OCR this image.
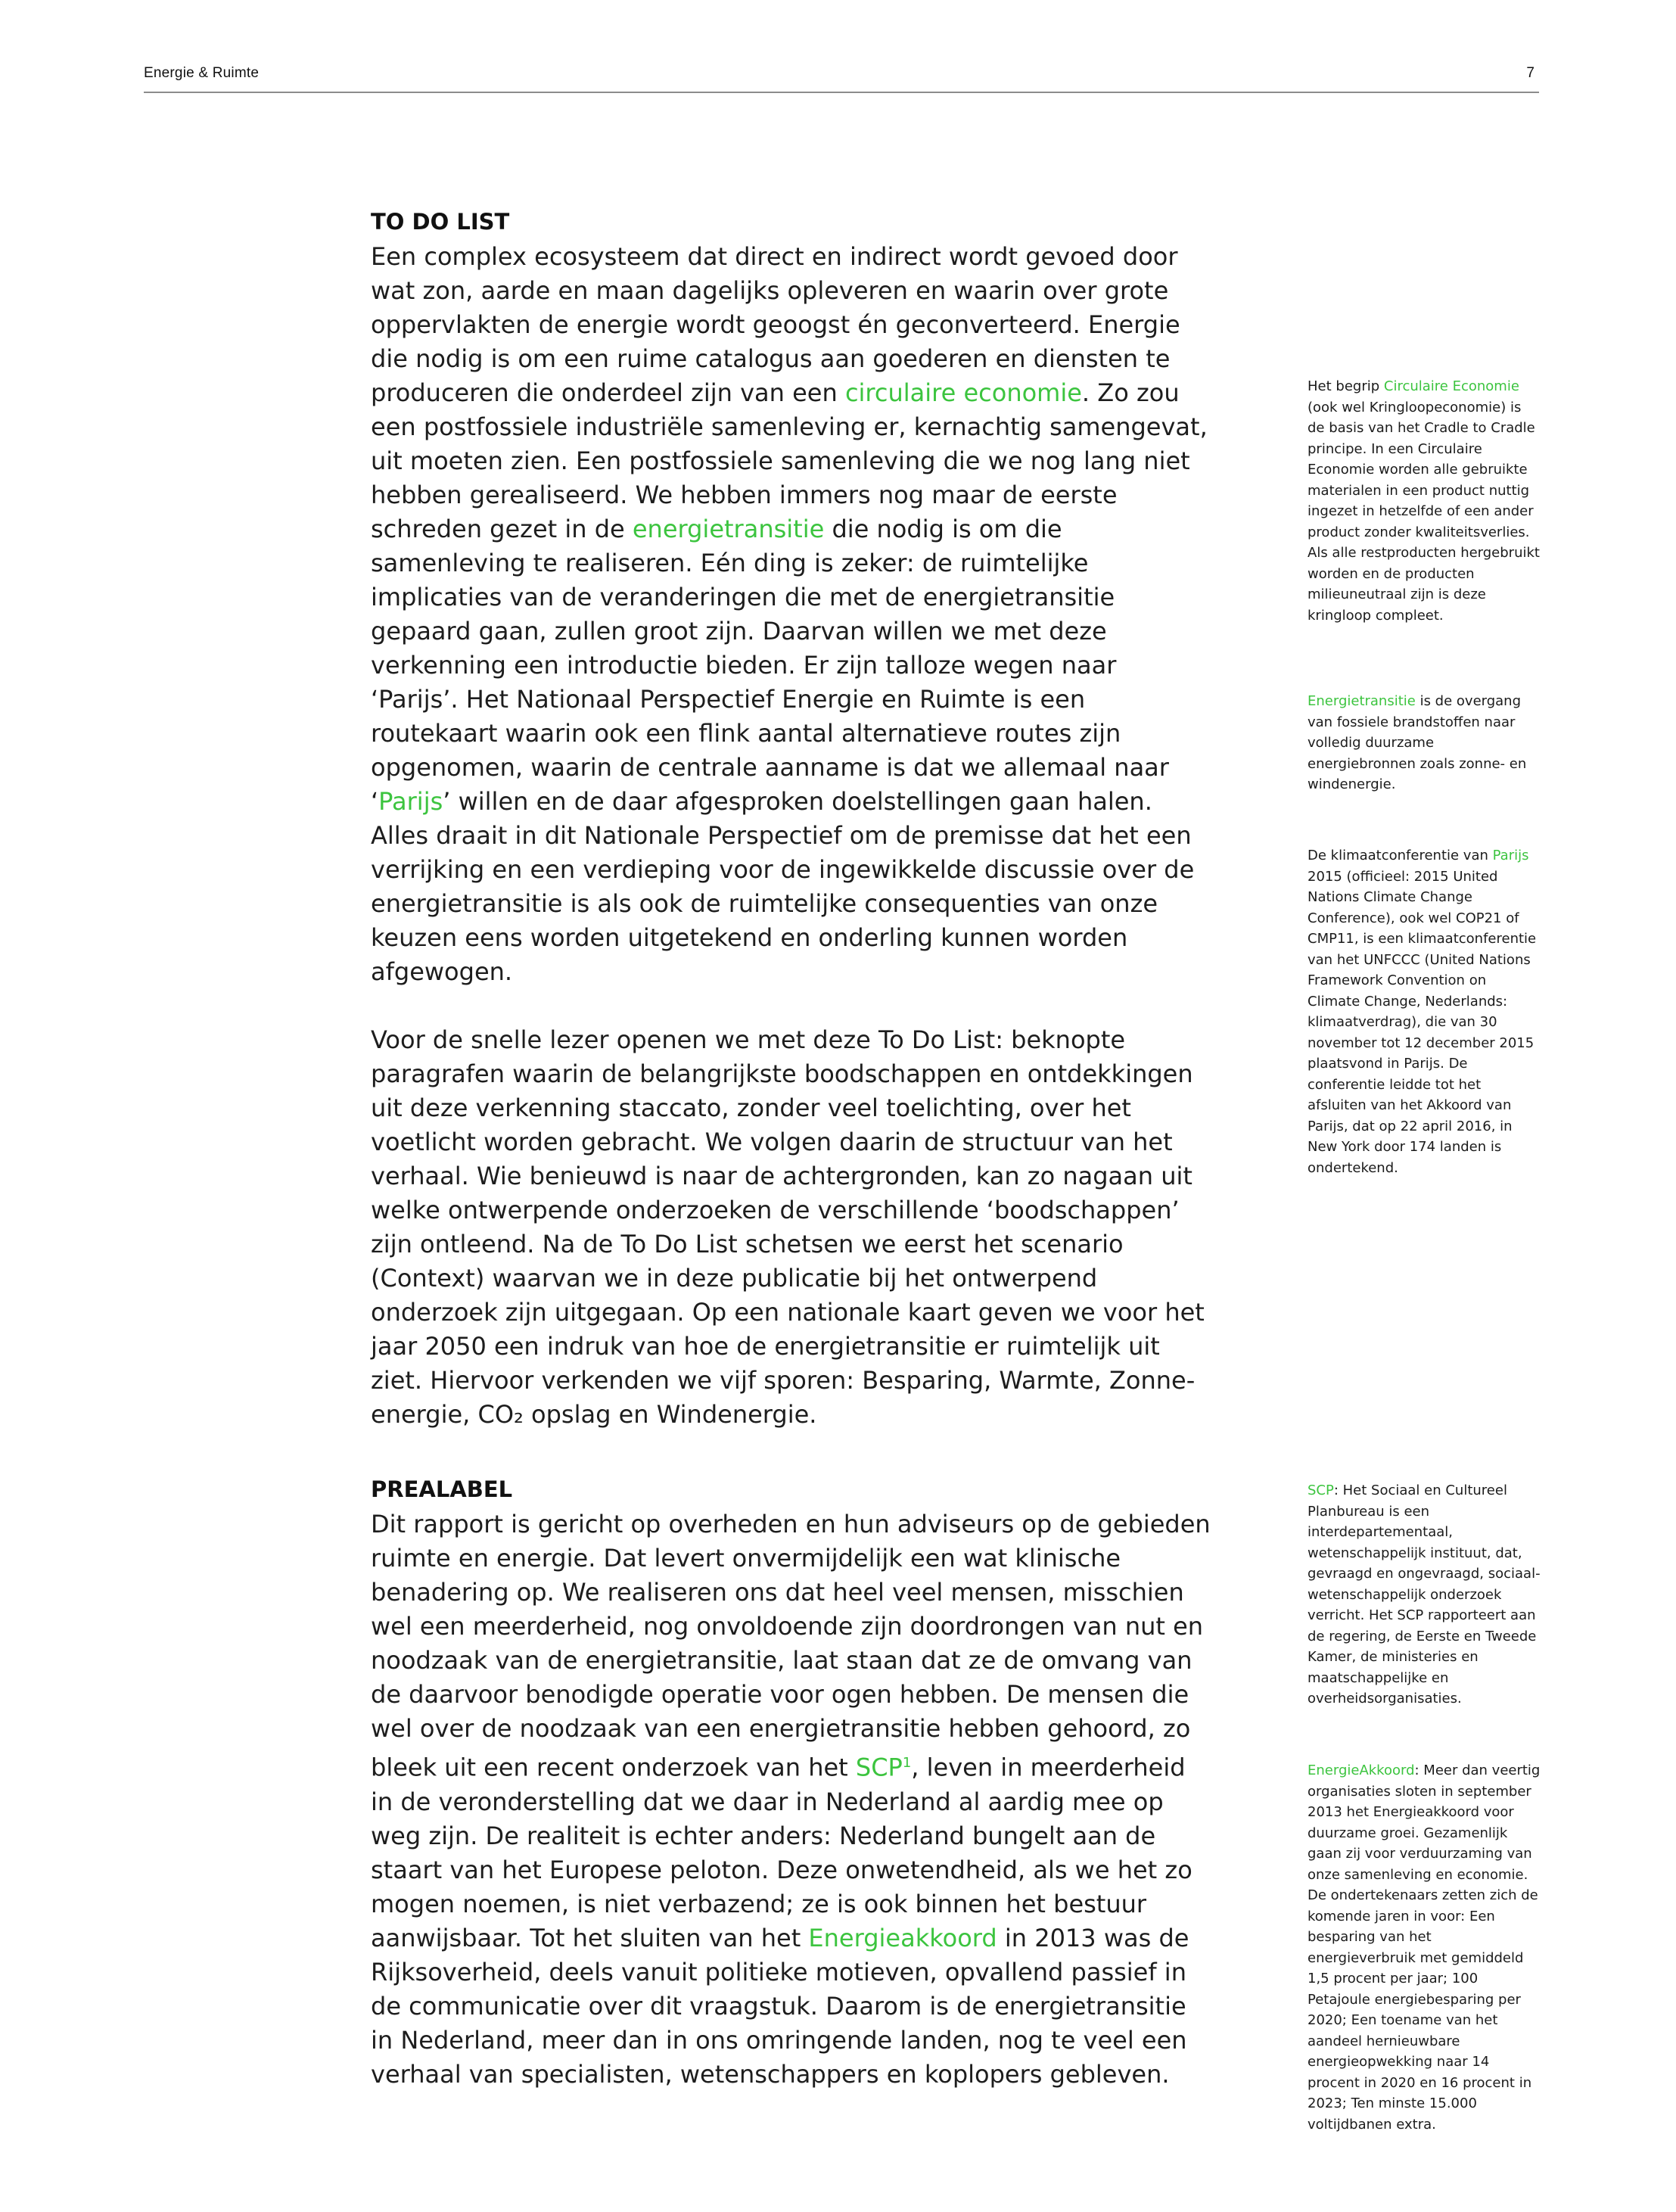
Energie & Ruimte	7
TO DO LIST

Een complex ecosysteem dat direct en indirect wordt gevoed door wat zon, aarde en maan dagelijks opleveren en waarin over grote oppervlakten de energie wordt geoogst én geconverteerd. Energie die nodig is om een ruime catalogus aan goederen en diensten te produceren die onderdeel zijn van een circulaire economie. Zo zou een postfossiele industriële samenleving er, kernachtig samengevat, uit moeten zien. Een postfossiele samenleving die we nog lang niet hebben gerealiseerd. We hebben immers nog maar de eerste schreden gezet in de energietransitie die nodig is om die samenleving te realiseren. Eén ding is zeker: de ruimtelijke implicaties van de veranderingen die met de energietransitie gepaard gaan, zullen groot zijn. Daarvan willen we met deze verkenning een introductie bieden. Er zijn talloze wegen naar ‘Parijs’. Het Nationaal Perspectief Energie en Ruimte is een routekaart waarin ook een flink aantal alternatieve routes zijn opgenomen, waarin de centrale aanname is dat we allemaal naar ‘Parijs’ willen en de daar afgesproken doelstellingen gaan halen. Alles draait in dit Nationale Perspectief om de premisse dat het een verrijking en een verdieping voor de ingewikkelde discussie over de energietransitie is als ook de ruimtelijke consequenties van onze keuzen eens worden uitgetekend en onderling kunnen worden afgewogen.

Voor de snelle lezer openen we met deze To Do List: beknopte paragrafen waarin de belangrijkste boodschappen en ontdekkingen uit deze verkenning staccato, zonder veel toelichting, over het voetlicht worden gebracht. We volgen daarin de structuur van het verhaal. Wie benieuwd is naar de achtergronden, kan zo nagaan uit welke ontwerpende onderzoeken de verschillende ‘boodschappen’ zijn ontleend. Na de To Do List schetsen we eerst het scenario (Context) waarvan we in deze publicatie bij het ontwerpend onderzoek zijn uitgegaan. Op een nationale kaart geven we voor het jaar 2050 een indruk van hoe de energietransitie er ruimtelijk uit ziet. Hiervoor verkenden we vijf sporen: Besparing, Warmte, Zonne-energie, CO₂ opslag en Windenergie.

PREALABEL

Dit rapport is gericht op overheden en hun adviseurs op de gebieden ruimte en energie. Dat levert onvermijdelijk een wat klinische benadering op. We realiseren ons dat heel veel mensen, misschien wel een meerderheid, nog onvoldoende zijn doordrongen van nut en noodzaak van de energietransitie, laat staan dat ze de omvang van de daarvoor benodigde operatie voor ogen hebben. De mensen die wel over de noodzaak van een energietransitie hebben gehoord, zo bleek uit een recent onderzoek van het SCP$^1$, leven in meerderheid in de veronderstelling dat we daar in Nederland al aardig mee op weg zijn. De realiteit is echter anders: Nederland bungelt aan de staart van het Europese peloton. Deze onwetendheid, als we het zo mogen noemen, is niet verbazend; ze is ook binnen het bestuur aanwijsbaar. Tot het sluiten van het Energieakkoord in 2013 was de Rijksoverheid, deels vanuit politieke motieven, opvallend passief in de communicatie over dit vraagstuk. Daarom is de energietransitie in Nederland, meer dan in ons omringende landen, nog te veel een verhaal van specialisten, wetenschappers en koplopers gebleven.

Het begrip Circulaire Economie (ook wel Kringloopeconomie) is de basis van het Cradle to Cradle principe. In een Circulaire Economie worden alle gebruikte materialen in een product nuttig ingezet in hetzelfde of een ander product zonder kwaliteitsverlies. Als alle restproducten hergebruikt worden en de producten milieuneutraal zijn is deze kringloop compleet.

Energietransitie is de overgang van fossiele brandstoffen naar volledig duurzame energiebronnen zoals zonne- en windenergie.

De klimaatconferentie van Parijs 2015 (officieel: 2015 United Nations Climate Change Conference), ook wel COP21 of CMP11, is een klimaatconferentie van het UNFCCC (United Nations Framework Convention on Climate Change, Nederlands: klimaatverdrag), die van 30 november tot 12 december 2015 plaatsvond in Parijs. De conferentie leidde tot het afsluiten van het Akkoord van Parijs, dat op 22 april 2016, in New York door 174 landen is ondertekend.

SCP: Het Sociaal en Cultureel Planbureau is een interdepartementaal, wetenschappelijk instituut, dat, gevraagd en ongevraagd, sociaal-wetenschappelijk onderzoek verricht. Het SCP rapporteert aan de regering, de Eerste en Tweede Kamer, de ministeries en maatschappelijke en overheidsorganisaties.

EnergieAkkoord: Meer dan veertig organisaties sloten in september 2013 het Energieakkoord voor duurzame groei. Gezamenlijk gaan zij voor verduurzaming van onze samenleving en economie. De ondertekenaars zetten zich de komende jaren in voor: Een besparing van het energieverbruik met gemiddeld 1,5 procent per jaar; 100 Petajoule energiebesparing per 2020; Een toename van het aandeel hernieuwbare energieopwekking naar 14 procent in 2020 en 16 procent in 2023; Ten minste 15.000 voltijdbanen extra.
